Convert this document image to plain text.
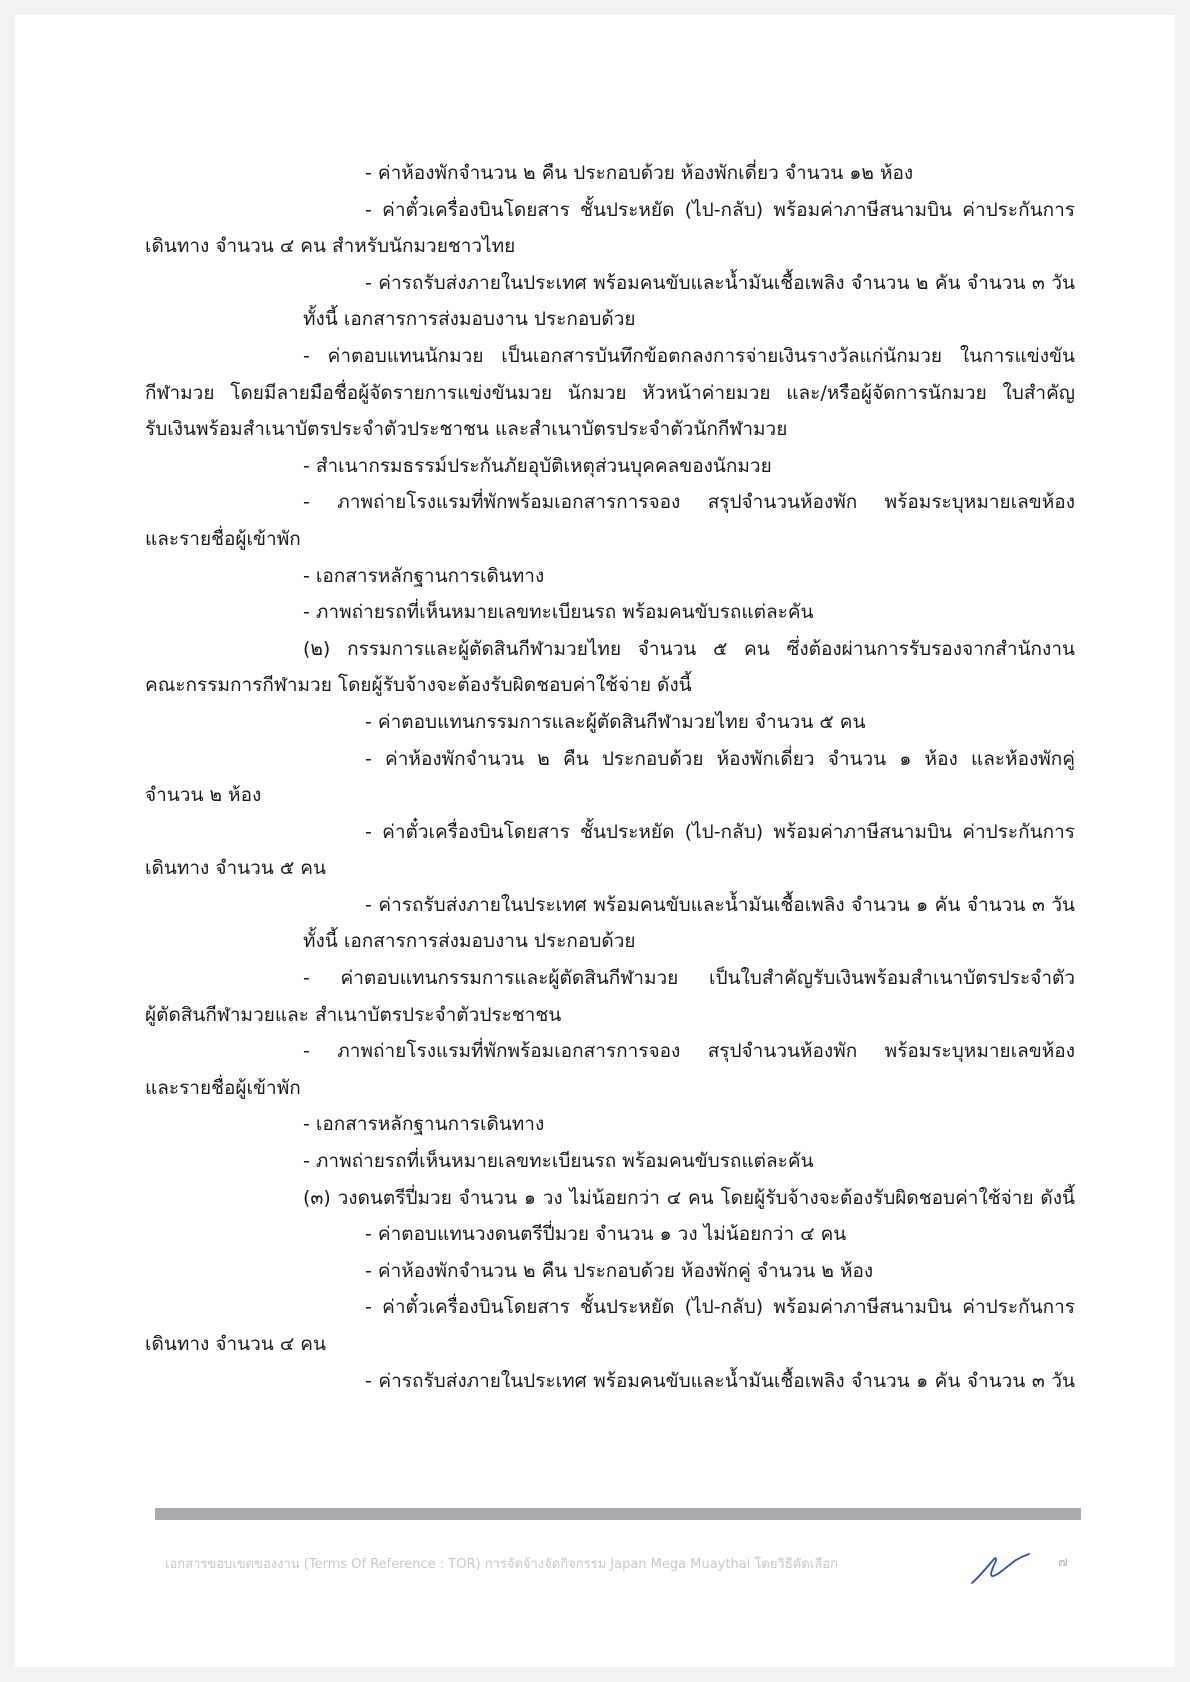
- ค่าห้องพักจำนวน ๒ คืน ประกอบด้วย ห้องพักเดี่ยว จำนวน ๑๒ ห้อง
- ค่าตั๋วเครื่องบินโดยสาร ชั้นประหยัด (ไป-กลับ) พร้อมค่าภาษีสนามบิน ค่าประกันการ
เดินทาง จำนวน ๔ คน สำหรับนักมวยชาวไทย
- ค่ารถรับส่งภายในประเทศ พร้อมคนขับและน้ำมันเชื้อเพลิง จำนวน ๒ คัน จำนวน ๓ วัน
ทั้งนี้ เอกสารการส่งมอบงาน ประกอบด้วย
- ค่าตอบแทนนักมวย เป็นเอกสารบันทึกข้อตกลงการจ่ายเงินรางวัลแก่นักมวย ในการแข่งขัน
กีฬามวย โดยมีลายมือชื่อผู้จัดรายการแข่งขันมวย นักมวย หัวหน้าค่ายมวย และ/หรือผู้จัดการนักมวย ใบสำคัญ
รับเงินพร้อมสำเนาบัตรประจำตัวประชาชน และสำเนาบัตรประจำตัวนักกีฬามวย
- สำเนากรมธรรม์ประกันภัยอุบัติเหตุส่วนบุคคลของนักมวย
- ภาพถ่ายโรงแรมที่พักพร้อมเอกสารการจอง สรุปจำนวนห้องพัก พร้อมระบุหมายเลขห้อง
และรายชื่อผู้เข้าพัก
- เอกสารหลักฐานการเดินทาง
- ภาพถ่ายรถที่เห็นหมายเลขทะเบียนรถ พร้อมคนขับรถแต่ละคัน
(๒) กรรมการและผู้ตัดสินกีฬามวยไทย จำนวน ๕ คน ซึ่งต้องผ่านการรับรองจากสำนักงาน
คณะกรรมการกีฬามวย โดยผู้รับจ้างจะต้องรับผิดชอบค่าใช้จ่าย ดังนี้
- ค่าตอบแทนกรรมการและผู้ตัดสินกีฬามวยไทย จำนวน ๕ คน
- ค่าห้องพักจำนวน ๒ คืน ประกอบด้วย ห้องพักเดี่ยว จำนวน ๑ ห้อง และห้องพักคู่
จำนวน ๒ ห้อง
- ค่าตั๋วเครื่องบินโดยสาร ชั้นประหยัด (ไป-กลับ) พร้อมค่าภาษีสนามบิน ค่าประกันการ
เดินทาง จำนวน ๕ คน
- ค่ารถรับส่งภายในประเทศ พร้อมคนขับและน้ำมันเชื้อเพลิง จำนวน ๑ คัน จำนวน ๓ วัน
ทั้งนี้ เอกสารการส่งมอบงาน ประกอบด้วย
- ค่าตอบแทนกรรมการและผู้ตัดสินกีฬามวย เป็นใบสำคัญรับเงินพร้อมสำเนาบัตรประจำตัว
ผู้ตัดสินกีฬามวยและ สำเนาบัตรประจำตัวประชาชน
- ภาพถ่ายโรงแรมที่พักพร้อมเอกสารการจอง สรุปจำนวนห้องพัก พร้อมระบุหมายเลขห้อง
และรายชื่อผู้เข้าพัก
- เอกสารหลักฐานการเดินทาง
- ภาพถ่ายรถที่เห็นหมายเลขทะเบียนรถ พร้อมคนขับรถแต่ละคัน
(๓) วงดนตรีปี่มวย จำนวน ๑ วง ไม่น้อยกว่า ๔ คน โดยผู้รับจ้างจะต้องรับผิดชอบค่าใช้จ่าย ดังนี้
- ค่าตอบแทนวงดนตรีปี่มวย จำนวน ๑ วง ไม่น้อยกว่า ๔ คน
- ค่าห้องพักจำนวน ๒ คืน ประกอบด้วย ห้องพักคู่ จำนวน ๒ ห้อง
- ค่าตั๋วเครื่องบินโดยสาร ชั้นประหยัด (ไป-กลับ) พร้อมค่าภาษีสนามบิน ค่าประกันการ
เดินทาง จำนวน ๔ คน
- ค่ารถรับส่งภายในประเทศ พร้อมคนขับและน้ำมันเชื้อเพลิง จำนวน ๑ คัน จำนวน ๓ วัน
เอกสารขอบเขตของงาน (Terms Of Reference : TOR) การจัดจ้างจัดกิจกรรม Japan Mega Muaythai โดยวิธีคัดเลือก	๗
